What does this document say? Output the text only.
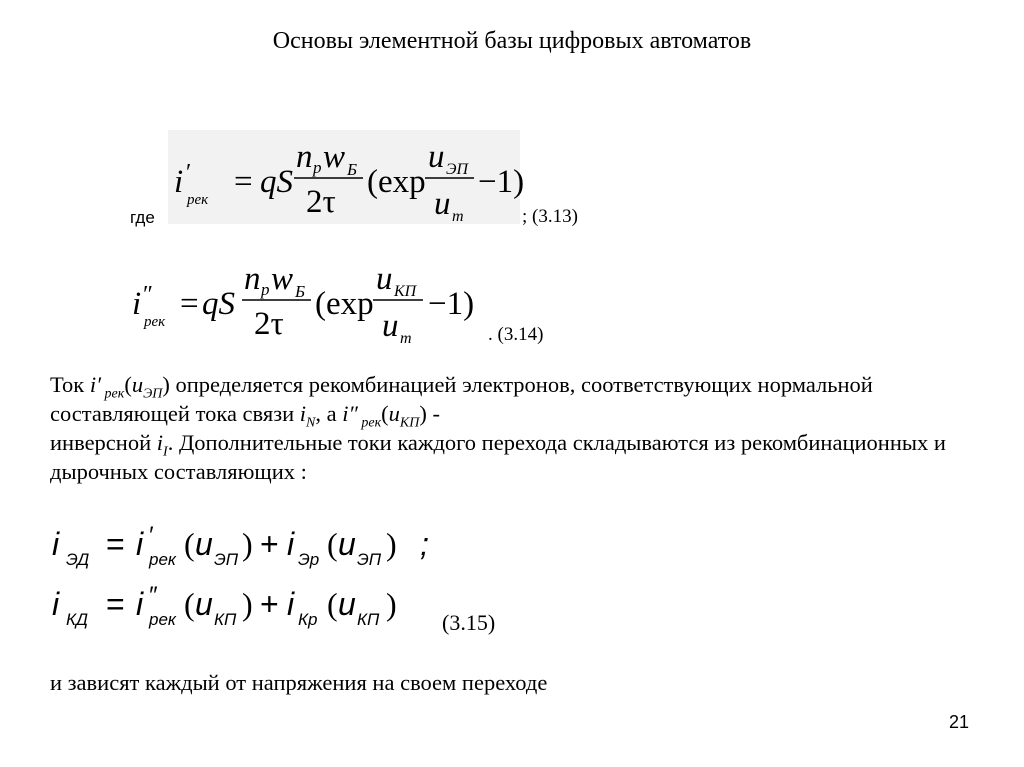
Основы элементной базы цифровых автоматов
где
i ′
рек = qS
n p w Б
2τ
(exp
u ЭП
u m
−1)
; (3.13)
i ″
рек = qS
n p w Б
2τ
(exp
u КП
u m
−1)
. (3.14)
Ток i′ $_{рек}(u_{ЭП})$ определяется рекомбинацией электронов, соответствующих нормальной составляющей тока связи $i_N$, а i″ $_{рек}(u_{КП})$ -
инверсной $i_I$. Дополнительные токи каждого перехода складываются из рекомбинационных и дырочных составляющих :
i ЭД = i ′
рек ( u ЭП ) + i Эр ( u ЭП ) ;
i КД = i ″
рек ( u КП ) + i Кр ( u КП )
(3.15)
и зависят каждый от напряжения на своем переходе
21
